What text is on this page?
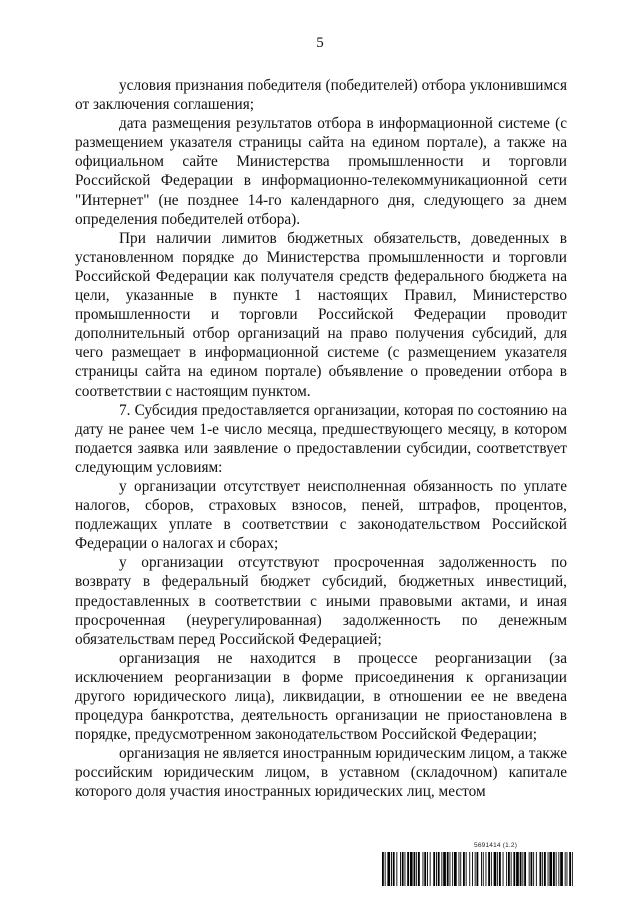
5

условия признания победителя (победителей) отбора уклонившимся от заключения соглашения;

дата размещения результатов отбора в информационной системе (с размещением указателя страницы сайта на едином портале), а также на официальном сайте Министерства промышленности и торговли Российской Федерации в информационно-телекоммуникационной сети "Интернет" (не позднее 14-го календарного дня, следующего за днем определения победителей отбора).

При наличии лимитов бюджетных обязательств, доведенных в установленном порядке до Министерства промышленности и торговли Российской Федерации как получателя средств федерального бюджета на цели, указанные в пункте 1 настоящих Правил, Министерство промышленности и торговли Российской Федерации проводит дополнительный отбор организаций на право получения субсидий, для чего размещает в информационной системе (с размещением указателя страницы сайта на едином портале) объявление о проведении отбора в соответствии с настоящим пунктом.

7. Субсидия предоставляется организации, которая по состоянию на дату не ранее чем 1-е число месяца, предшествующего месяцу, в котором подается заявка или заявление о предоставлении субсидии, соответствует следующим условиям:

у организации отсутствует неисполненная обязанность по уплате налогов, сборов, страховых взносов, пеней, штрафов, процентов, подлежащих уплате в соответствии с законодательством Российской Федерации о налогах и сборах;

у организации отсутствуют просроченная задолженность по возврату в федеральный бюджет субсидий, бюджетных инвестиций, предоставленных в соответствии с иными правовыми актами, и иная просроченная (неурегулированная) задолженность по денежным обязательствам перед Российской Федерацией;

организация не находится в процессе реорганизации (за исключением реорганизации в форме присоединения к организации другого юридического лица), ликвидации, в отношении ее не введена процедура банкротства, деятельность организации не приостановлена в порядке, предусмотренном законодательством Российской Федерации;

организация не является иностранным юридическим лицом, а также российским юридическим лицом, в уставном (складочном) капитале которого доля участия иностранных юридических лиц, местом

5691414 (1.2)
